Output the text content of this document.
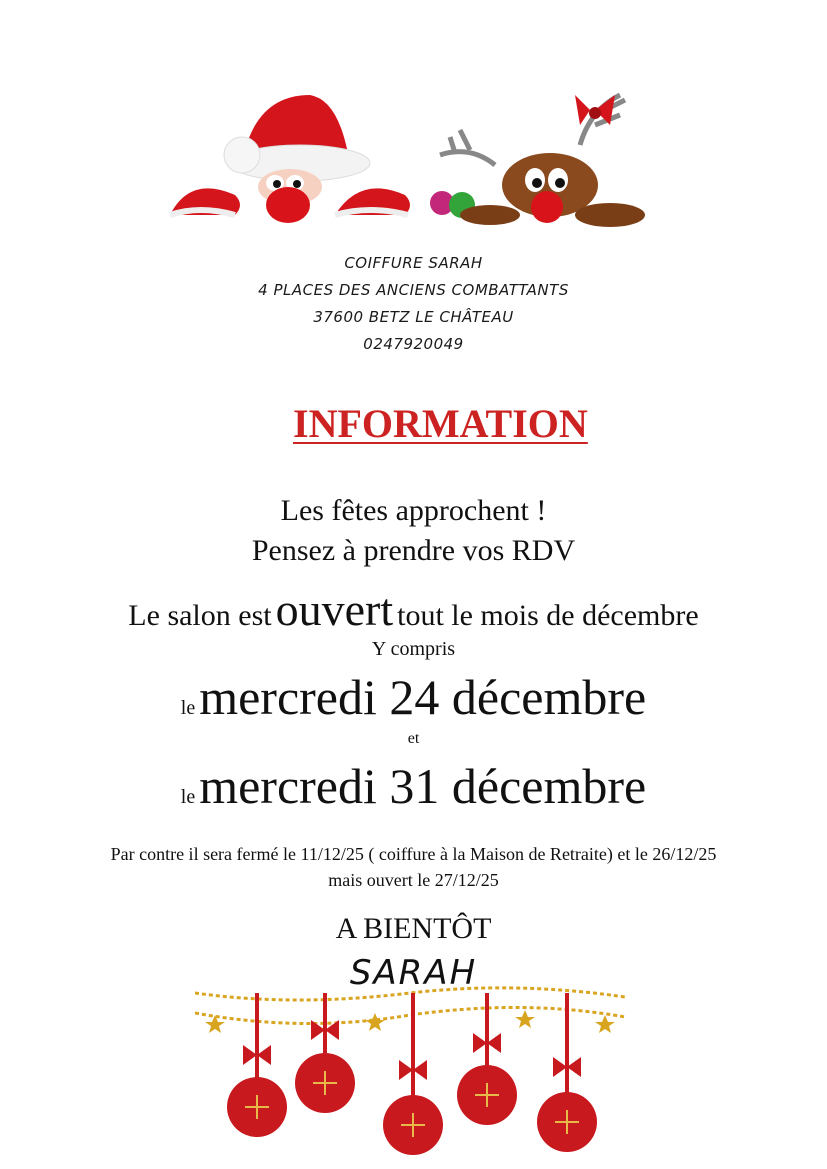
COIFFURE SARAH
4 PLACES DES ANCIENS COMBATTANTS
37600 BETZ LE CHÂTEAU
0247920049
INFORMATION
Les fêtes approchent !
Pensez à prendre vos RDV
Le salon est ouvert tout le mois de décembre
Y compris
le mercredi 24 décembre
et
le mercredi 31 décembre
Par contre il sera fermé le 11/12/25 ( coiffure à la Maison de Retraite) et le 26/12/25
mais ouvert le 27/12/25
A BIENTÔT
SARAH
